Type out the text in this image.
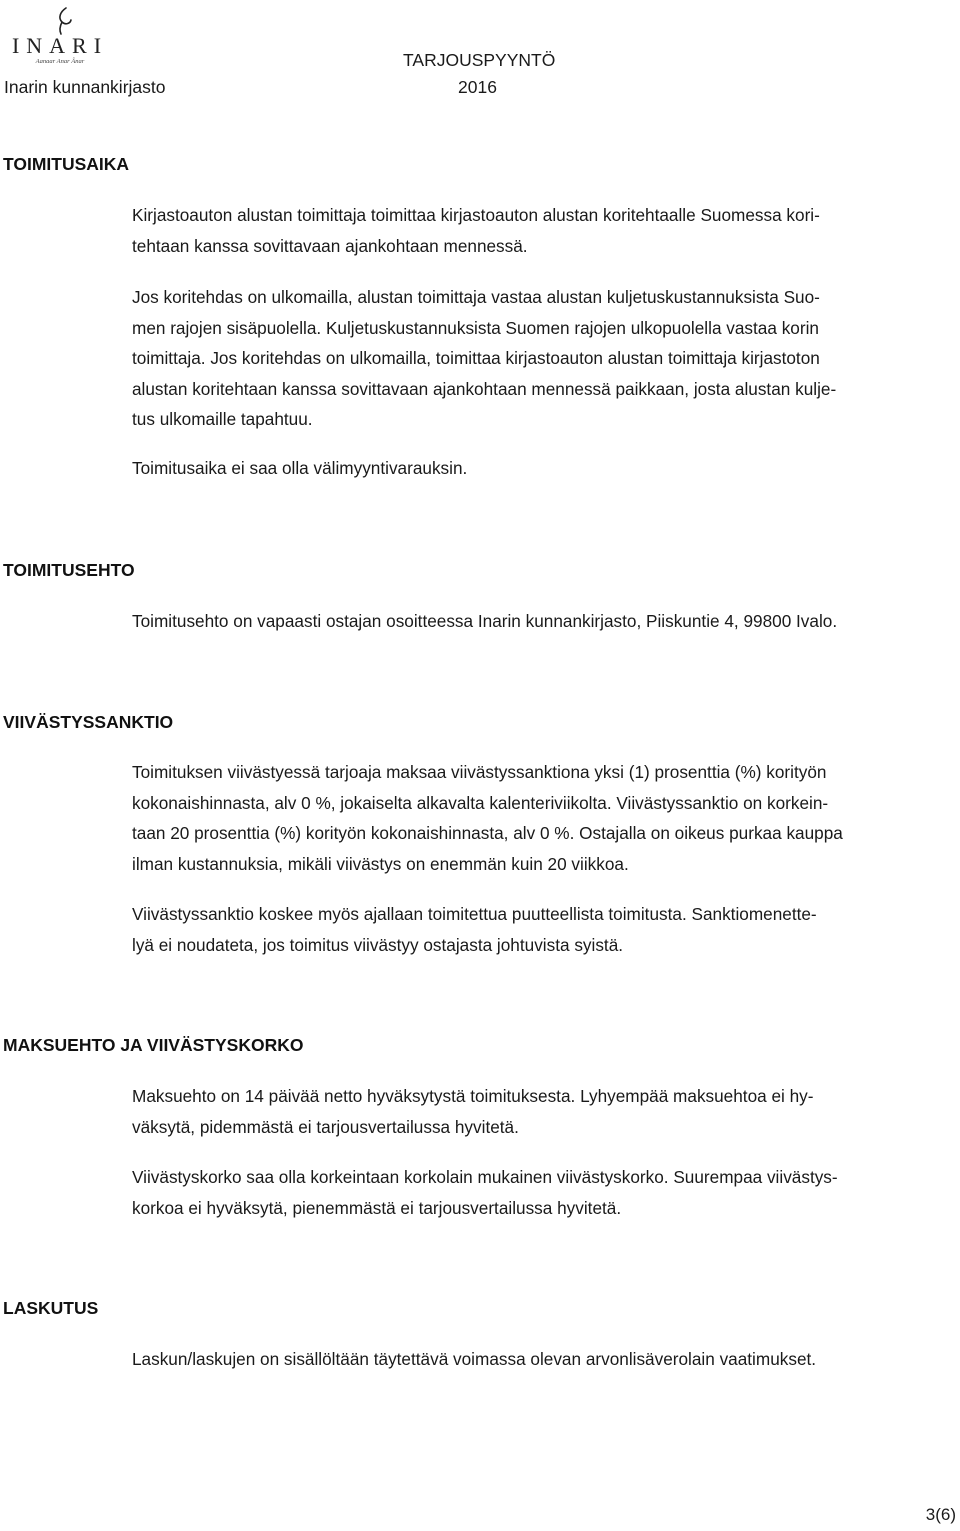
INARI
Aanaar Anar Ânar	TARJOUSPYYNTÖ
Inarin kunnankirjasto	2016
TOIMITUSAIKA
Kirjastoauton alustan toimittaja toimittaa kirjastoauton alustan koritehtaalle Suomessa kori-
tehtaan kanssa sovittavaan ajankohtaan mennessä.
Jos koritehdas on ulkomailla, alustan toimittaja vastaa alustan kuljetuskustannuksista Suo-
men rajojen sisäpuolella. Kuljetuskustannuksista Suomen rajojen ulkopuolella vastaa korin
toimittaja. Jos koritehdas on ulkomailla, toimittaa kirjastoauton alustan toimittaja kirjastoton
alustan koritehtaan kanssa sovittavaan ajankohtaan mennessä paikkaan, josta alustan kulje-
tus ulkomaille tapahtuu.
Toimitusaika ei saa olla välimyyntivarauksin.
TOIMITUSEHTO
Toimitusehto on vapaasti ostajan osoitteessa Inarin kunnankirjasto, Piiskuntie 4, 99800 Ivalo.
VIIVÄSTYSSANKTIO
Toimituksen viivästyessä tarjoaja maksaa viivästyssanktiona yksi (1) prosenttia (%) korityön
kokonaishinnasta, alv 0 %, jokaiselta alkavalta kalenteriviikolta. Viivästyssanktio on korkein-
taan 20 prosenttia (%) korityön kokonaishinnasta, alv 0 %. Ostajalla on oikeus purkaa kauppa
ilman kustannuksia, mikäli viivästys on enemmän kuin 20 viikkoa.
Viivästyssanktio koskee myös ajallaan toimitettua puutteellista toimitusta. Sanktiomenette-
lyä ei noudateta, jos toimitus viivästyy ostajasta johtuvista syistä.
MAKSUEHTO JA VIIVÄSTYSKORKO
Maksuehto on 14 päivää netto hyväksytystä toimituksesta. Lyhyempää maksuehtoa ei hy-
väksytä, pidemmästä ei tarjousvertailussa hyvitetä.
Viivästyskorko saa olla korkeintaan korkolain mukainen viivästyskorko. Suurempaa viivästys-
korkoa ei hyväksytä, pienemmästä ei tarjousvertailussa hyvitetä.
LASKUTUS
Laskun/laskujen on sisällöltään täytettävä voimassa olevan arvonlisäverolain vaatimukset.
3(6)
